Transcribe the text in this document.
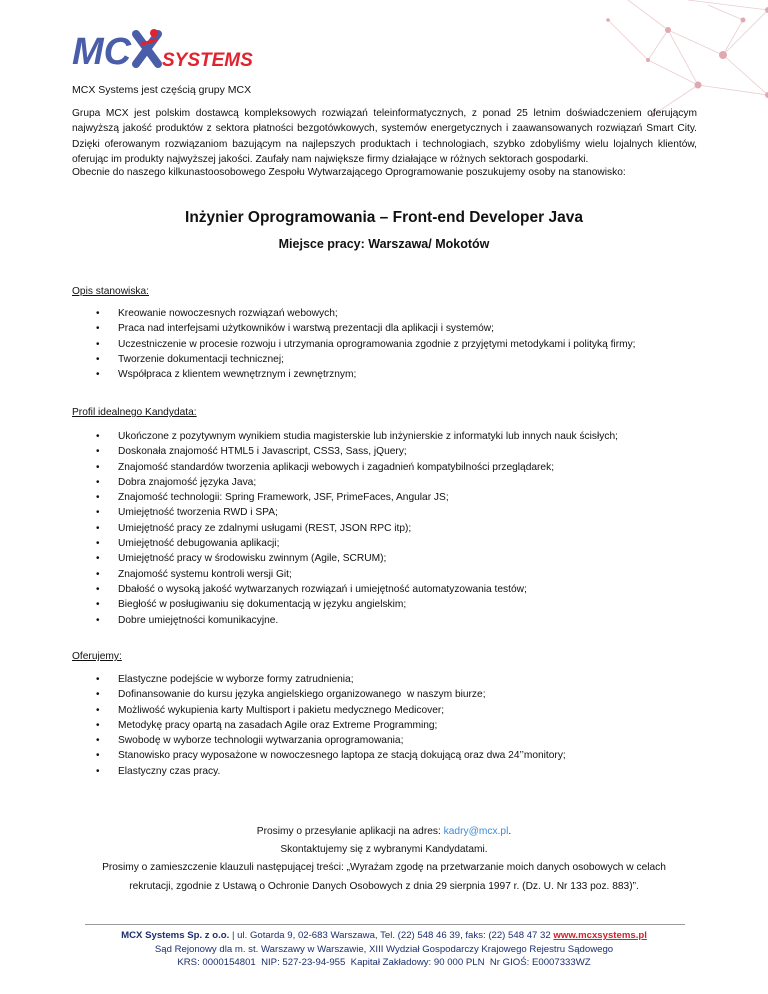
MC SYSTEMS
MCX Systems jest częścią grupy MCX
Grupa MCX jest polskim dostawcą kompleksowych rozwiązań teleinformatycznych, z ponad 25 letnim doświadczeniem oferującym najwyższą jakość produktów z sektora płatności bezgotówkowych, systemów energetycznych i zaawansowanych rozwiązań Smart City. Dzięki oferowanym rozwiązaniom bazującym na najlepszych produktach i technologiach, szybko zdobyliśmy wielu lojalnych klientów, oferując im produkty najwyższej jakości. Zaufały nam największe firmy działające w różnych sektorach gospodarki.
Obecnie do naszego kilkunastoosobowego Zespołu Wytwarzającego Oprogramowanie poszukujemy osoby na stanowisko:
Inżynier Oprogramowania – Front-end Developer Java
Miejsce pracy: Warszawa/ Mokotów
Opis stanowiska:
• Kreowanie nowoczesnych rozwiązań webowych;
• Praca nad interfejsami użytkowników i warstwą prezentacji dla aplikacji i systemów;
• Uczestniczenie w procesie rozwoju i utrzymania oprogramowania zgodnie z przyjętymi metodykami i polityką firmy;
• Tworzenie dokumentacji technicznej;
• Współpraca z klientem wewnętrznym i zewnętrznym;
Profil idealnego Kandydata:
• Ukończone z pozytywnym wynikiem studia magisterskie lub inżynierskie z informatyki lub innych nauk ścisłych;
• Doskonała znajomość HTML5 i Javascript, CSS3, Sass, jQuery;
• Znajomość standardów tworzenia aplikacji webowych i zagadnień kompatybilności przeglądarek;
• Dobra znajomość języka Java;
• Znajomość technologii: Spring Framework, JSF, PrimeFaces, Angular JS;
• Umiejętność tworzenia RWD i SPA;
• Umiejętność pracy ze zdalnymi usługami (REST, JSON RPC itp);
• Umiejętność debugowania aplikacji;
• Umiejętność pracy w środowisku zwinnym (Agile, SCRUM);
• Znajomość systemu kontroli wersji Git;
• Dbałość o wysoką jakość wytwarzanych rozwiązań i umiejętność automatyzowania testów;
• Biegłość w posługiwaniu się dokumentacją w języku angielskim;
• Dobre umiejętności komunikacyjne.
Oferujemy:
• Elastyczne podejście w wyborze formy zatrudnienia;
• Dofinansowanie do kursu języka angielskiego organizowanego  w naszym biurze;
• Możliwość wykupienia karty Multisport i pakietu medycznego Medicover;
• Metodykę pracy opartą na zasadach Agile oraz Extreme Programming;
• Swobodę w wyborze technologii wytwarzania oprogramowania;
• Stanowisko pracy wyposażone w nowoczesnego laptopa ze stacją dokującą oraz dwa 24’’monitory;
• Elastyczny czas pracy.
Prosimy o przesyłanie aplikacji na adres: kadry@mcx.pl.
Skontaktujemy się z wybranymi Kandydatami.
Prosimy o zamieszczenie klauzuli następującej treści: „Wyrażam zgodę na przetwarzanie moich danych osobowych w celach
rekrutacji, zgodnie z Ustawą o Ochronie Danych Osobowych z dnia 29 sierpnia 1997 r. (Dz. U. Nr 133 poz. 883)”.
MCX Systems Sp. z o.o. | ul. Gotarda 9, 02-683 Warszawa, Tel. (22) 548 46 39, faks: (22) 548 47 32 www.mcxsystems.pl
Sąd Rejonowy dla m. st. Warszawy w Warszawie, XIII Wydział Gospodarczy Krajowego Rejestru Sądowego
KRS: 0000154801  NIP: 527-23-94-955  Kapitał Zakładowy: 90 000 PLN  Nr GIOŚ: E0007333WZ
